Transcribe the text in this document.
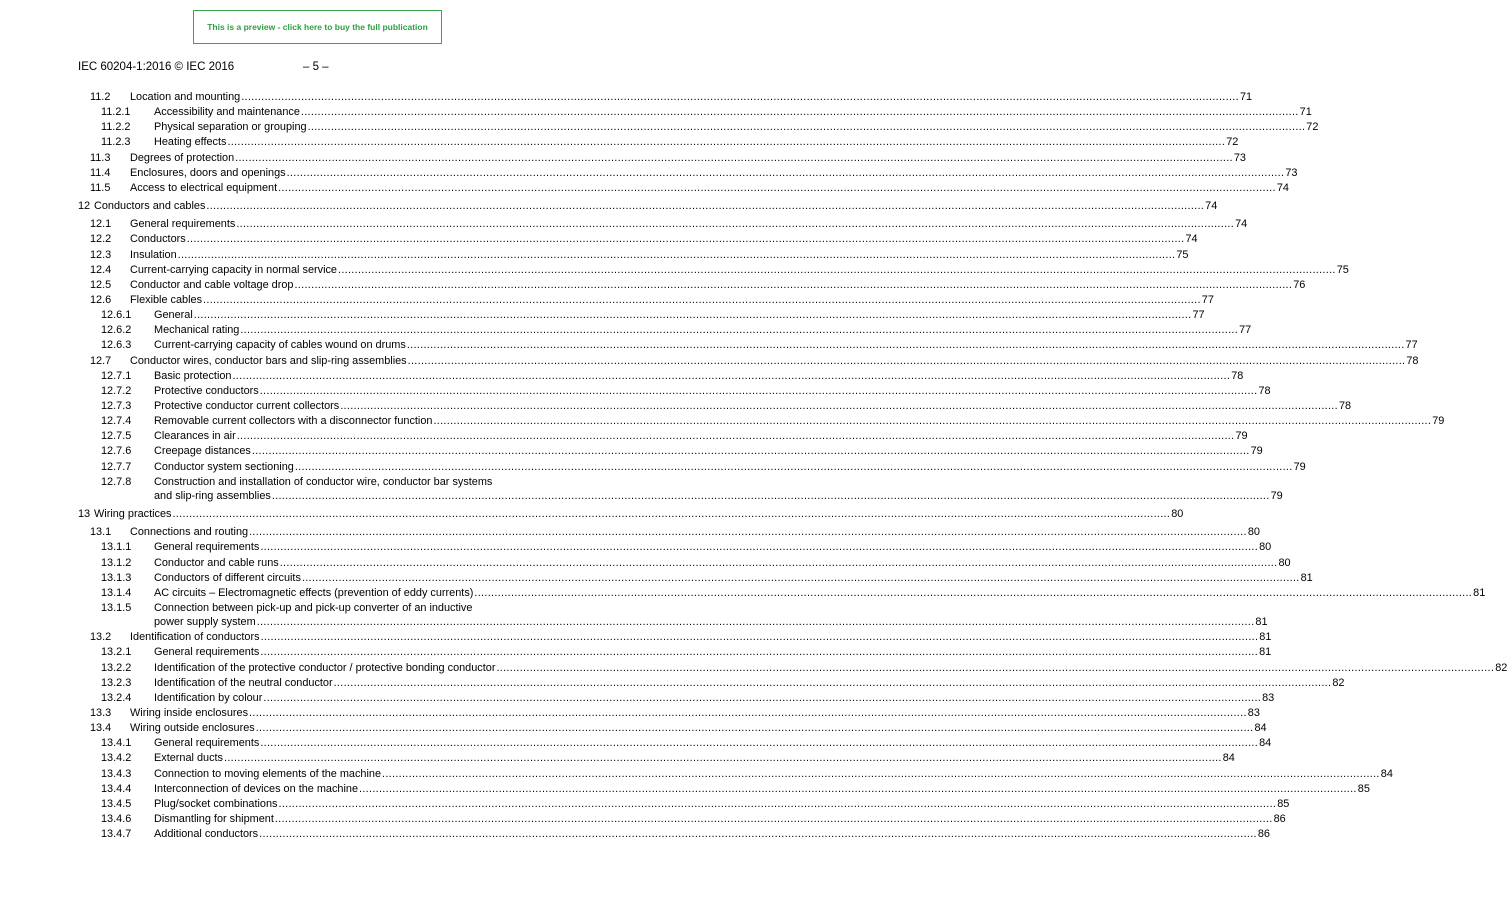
This is a preview - click here to buy the full publication
IEC 60204-1:2016 © IEC 2016	– 5 –
11.2 Location and mounting ............................................................................................................................................................................................................................................................................................................ 71
11.2.1 Accessibility and maintenance ............................................................................................................................................................................................................................................................................................................ 71
11.2.2 Physical separation or grouping ............................................................................................................................................................................................................................................................................................................ 72
11.2.3 Heating effects ............................................................................................................................................................................................................................................................................................................ 72
11.3 Degrees of protection ............................................................................................................................................................................................................................................................................................................ 73
11.4 Enclosures, doors and openings ............................................................................................................................................................................................................................................................................................................ 73
11.5 Access to electrical equipment ............................................................................................................................................................................................................................................................................................................ 74
12 Conductors and cables ............................................................................................................................................................................................................................................................................................................ 74
12.1 General requirements ............................................................................................................................................................................................................................................................................................................ 74
12.2 Conductors ............................................................................................................................................................................................................................................................................................................ 74
12.3 Insulation ............................................................................................................................................................................................................................................................................................................ 75
12.4 Current-carrying capacity in normal service ............................................................................................................................................................................................................................................................................................................ 75
12.5 Conductor and cable voltage drop ............................................................................................................................................................................................................................................................................................................ 76
12.6 Flexible cables ............................................................................................................................................................................................................................................................................................................ 77
12.6.1 General ............................................................................................................................................................................................................................................................................................................ 77
12.6.2 Mechanical rating ............................................................................................................................................................................................................................................................................................................ 77
12.6.3 Current-carrying capacity of cables wound on drums ............................................................................................................................................................................................................................................................................................................ 77
12.7 Conductor wires, conductor bars and slip-ring assemblies ............................................................................................................................................................................................................................................................................................................ 78
12.7.1 Basic protection ............................................................................................................................................................................................................................................................................................................ 78
12.7.2 Protective conductors ............................................................................................................................................................................................................................................................................................................ 78
12.7.3 Protective conductor current collectors ............................................................................................................................................................................................................................................................................................................ 78
12.7.4 Removable current collectors with a disconnector function ............................................................................................................................................................................................................................................................................................................ 79
12.7.5 Clearances in air ............................................................................................................................................................................................................................................................................................................ 79
12.7.6 Creepage distances ............................................................................................................................................................................................................................................................................................................ 79
12.7.7 Conductor system sectioning ............................................................................................................................................................................................................................................................................................................ 79
12.7.8 Construction and installation of conductor wire, conductor bar systems
and slip-ring assemblies ............................................................................................................................................................................................................................................................................................................ 79
13 Wiring practices ............................................................................................................................................................................................................................................................................................................ 80
13.1 Connections and routing ............................................................................................................................................................................................................................................................................................................ 80
13.1.1 General requirements ............................................................................................................................................................................................................................................................................................................ 80
13.1.2 Conductor and cable runs ............................................................................................................................................................................................................................................................................................................ 80
13.1.3 Conductors of different circuits ............................................................................................................................................................................................................................................................................................................ 81
13.1.4 AC circuits – Electromagnetic effects (prevention of eddy currents) ............................................................................................................................................................................................................................................................................................................ 81
13.1.5 Connection between pick-up and pick-up converter of an inductive
power supply system ............................................................................................................................................................................................................................................................................................................ 81
13.2 Identification of conductors ............................................................................................................................................................................................................................................................................................................ 81
13.2.1 General requirements ............................................................................................................................................................................................................................................................................................................ 81
13.2.2 Identification of the protective conductor / protective bonding conductor ............................................................................................................................................................................................................................................................................................................ 82
13.2.3 Identification of the neutral conductor ............................................................................................................................................................................................................................................................................................................ 82
13.2.4 Identification by colour ............................................................................................................................................................................................................................................................................................................ 83
13.3 Wiring inside enclosures ............................................................................................................................................................................................................................................................................................................ 83
13.4 Wiring outside enclosures ............................................................................................................................................................................................................................................................................................................ 84
13.4.1 General requirements ............................................................................................................................................................................................................................................................................................................ 84
13.4.2 External ducts ............................................................................................................................................................................................................................................................................................................ 84
13.4.3 Connection to moving elements of the machine ............................................................................................................................................................................................................................................................................................................ 84
13.4.4 Interconnection of devices on the machine ............................................................................................................................................................................................................................................................................................................ 85
13.4.5 Plug/socket combinations ............................................................................................................................................................................................................................................................................................................ 85
13.4.6 Dismantling for shipment ............................................................................................................................................................................................................................................................................................................ 86
13.4.7 Additional conductors ............................................................................................................................................................................................................................................................................................................ 86
